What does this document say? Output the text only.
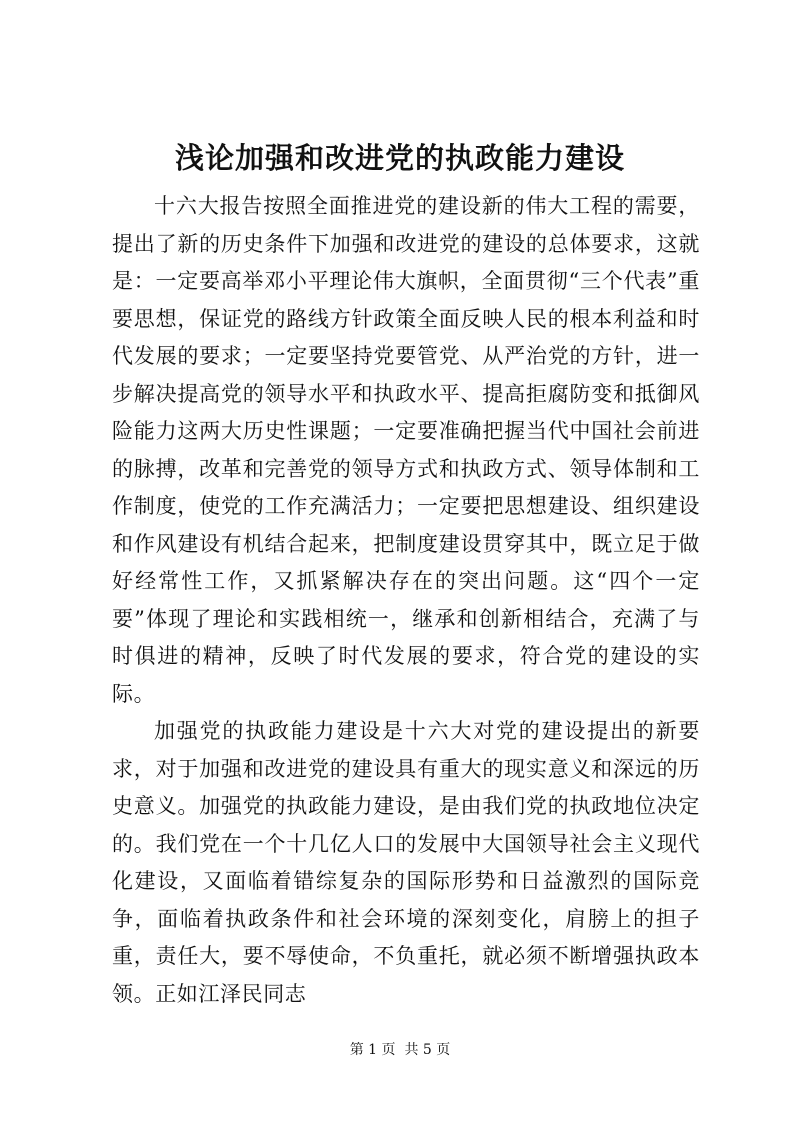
浅论加强和改进党的执政能力建设

十六大报告按照全面推进党的建设新的伟大工程的需要，提出了新的历史条件下加强和改进党的建设的总体要求，这就是：一定要高举邓小平理论伟大旗帜，全面贯彻“三个代表”重要思想，保证党的路线方针政策全面反映人民的根本利益和时代发展的要求；一定要坚持党要管党、从严治党的方针，进一步解决提高党的领导水平和执政水平、提高拒腐防变和抵御风险能力这两大历史性课题；一定要准确把握当代中国社会前进的脉搏，改革和完善党的领导方式和执政方式、领导体制和工作制度，使党的工作充满活力；一定要把思想建设、组织建设和作风建设有机结合起来，把制度建设贯穿其中，既立足于做好经常性工作，又抓紧解决存在的突出问题。这“四个一定要”体现了理论和实践相统一，继承和创新相结合，充满了与时俱进的精神，反映了时代发展的要求，符合党的建设的实际。

加强党的执政能力建设是十六大对党的建设提出的新要求，对于加强和改进党的建设具有重大的现实意义和深远的历史意义。加强党的执政能力建设，是由我们党的执政地位决定的。我们党在一个十几亿人口的发展中大国领导社会主义现代化建设，又面临着错综复杂的国际形势和日益激烈的国际竞争，面临着执政条件和社会环境的深刻变化，肩膀上的担子重，责任大，要不辱使命，不负重托，就必须不断增强执政本领。正如江泽民同志

第 1 页  共 5 页
